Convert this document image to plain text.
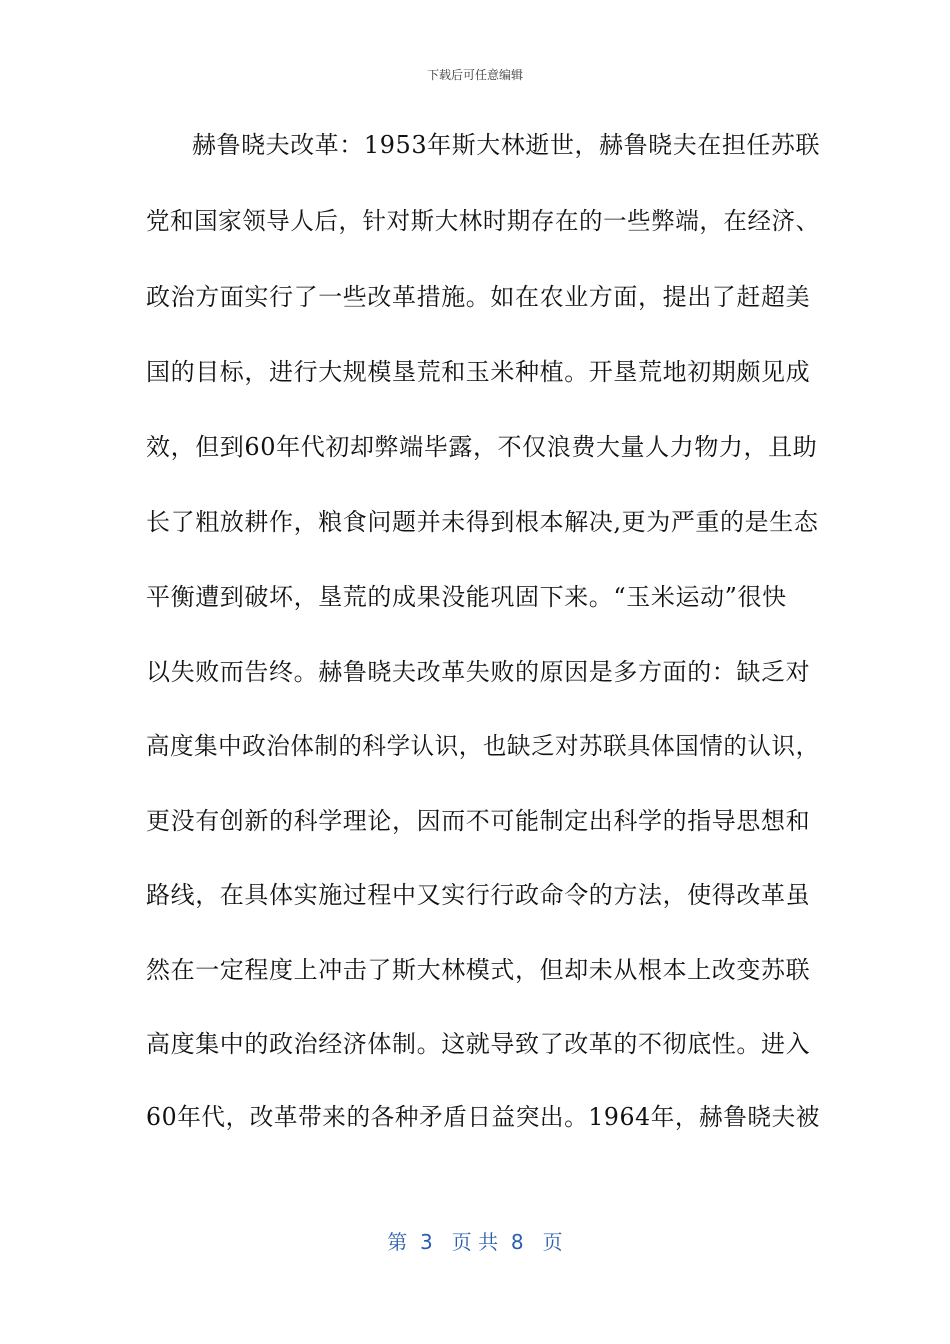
下载后可任意编辑
赫鲁晓夫改革：1953年斯大林逝世，赫鲁晓夫在担任苏联
党和国家领导人后，针对斯大林时期存在的一些弊端，在经济、
政治方面实行了一些改革措施。如在农业方面，提出了赶超美
国的目标，进行大规模垦荒和玉米种植。开垦荒地初期颇见成
效，但到60年代初却弊端毕露，不仅浪费大量人力物力，且助
长了粗放耕作，粮食问题并未得到根本解决,更为严重的是生态
平衡遭到破坏，垦荒的成果没能巩固下来。“玉米运动”很快
以失败而告终。赫鲁晓夫改革失败的原因是多方面的：缺乏对
高度集中政治体制的科学认识，也缺乏对苏联具体国情的认识，
更没有创新的科学理论，因而不可能制定出科学的指导思想和
路线，在具体实施过程中又实行行政命令的方法，使得改革虽
然在一定程度上冲击了斯大林模式，但却未从根本上改变苏联
高度集中的政治经济体制。这就导致了改革的不彻底性。进入
60年代，改革带来的各种矛盾日益突出。1964年，赫鲁晓夫被
第  3   页 共  8   页
